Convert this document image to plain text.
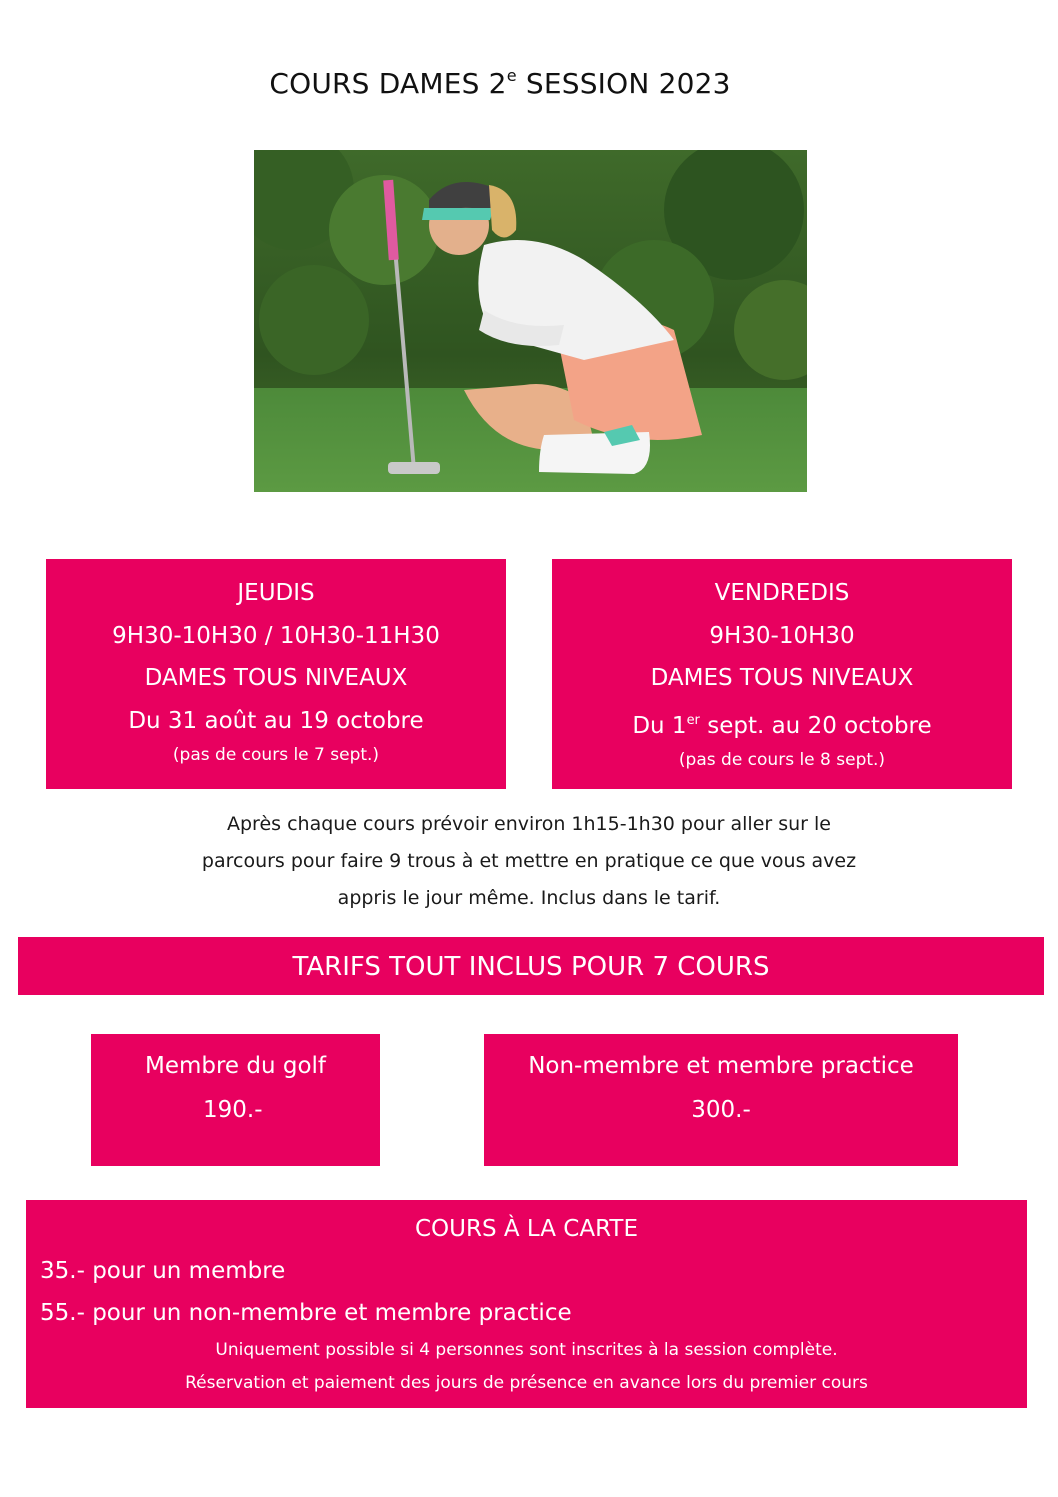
COURS DAMES 2e SESSION 2023
JEUDIS
9H30-10H30 / 10H30-11H30
DAMES TOUS NIVEAUX
Du 31 août au 19 octobre
(pas de cours le 7 sept.)
VENDREDIS
9H30-10H30
DAMES TOUS NIVEAUX
Du 1er sept. au 20 octobre
(pas de cours le 8 sept.)
Après chaque cours prévoir environ 1h15-1h30 pour aller sur le
parcours pour faire 9 trous à et mettre en pratique ce que vous avez
appris le jour même. Inclus dans le tarif.
TARIFS TOUT INCLUS POUR 7 COURS
Membre du golf
190.-
Non-membre et membre practice
300.-
COURS À LA CARTE
35.- pour un membre
55.- pour un non-membre et membre practice
Uniquement possible si 4 personnes sont inscrites à la session complète.
Réservation et paiement des jours de présence en avance lors du premier cours
